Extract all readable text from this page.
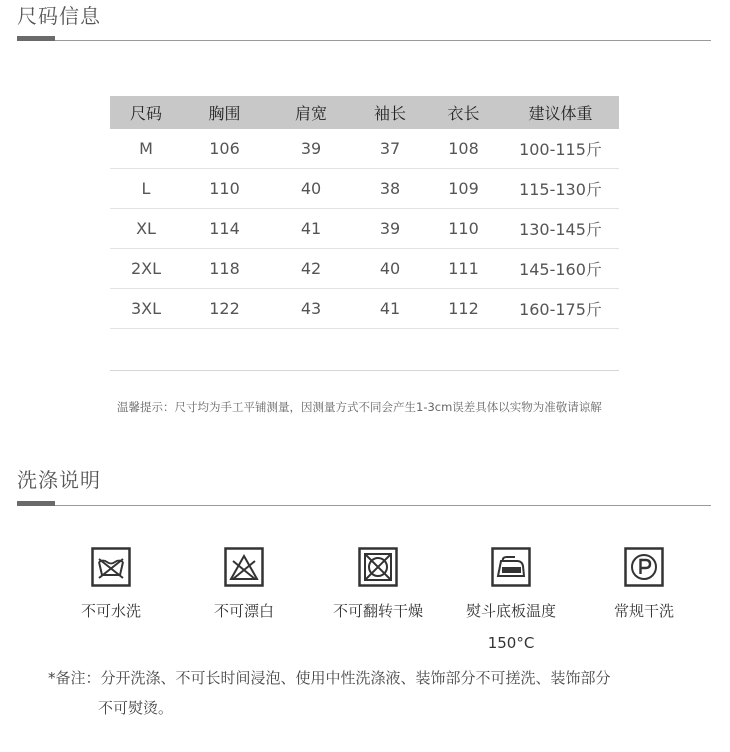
尺码信息
尺码	胸围	肩宽	袖长	衣长	建议体重
M	106	39	37	108	100-115斤
L	110	40	38	109	115-130斤
XL	114	41	39	110	130-145斤
2XL	118	42	40	111	145-160斤
3XL	122	43	41	112	160-175斤

温馨提示：尺寸均为手工平铺测量，因测量方式不同会产生1-3cm误差具体以实物为准敬请谅解
洗涤说明
不可水洗	不可漂白	不可翻转干燥	熨斗底板温度
150°C
常规干洗
*备注：分开洗涤、不可长时间浸泡、使用中性洗涤液、装饰部分不可搓洗、装饰部分
不可熨烫。
